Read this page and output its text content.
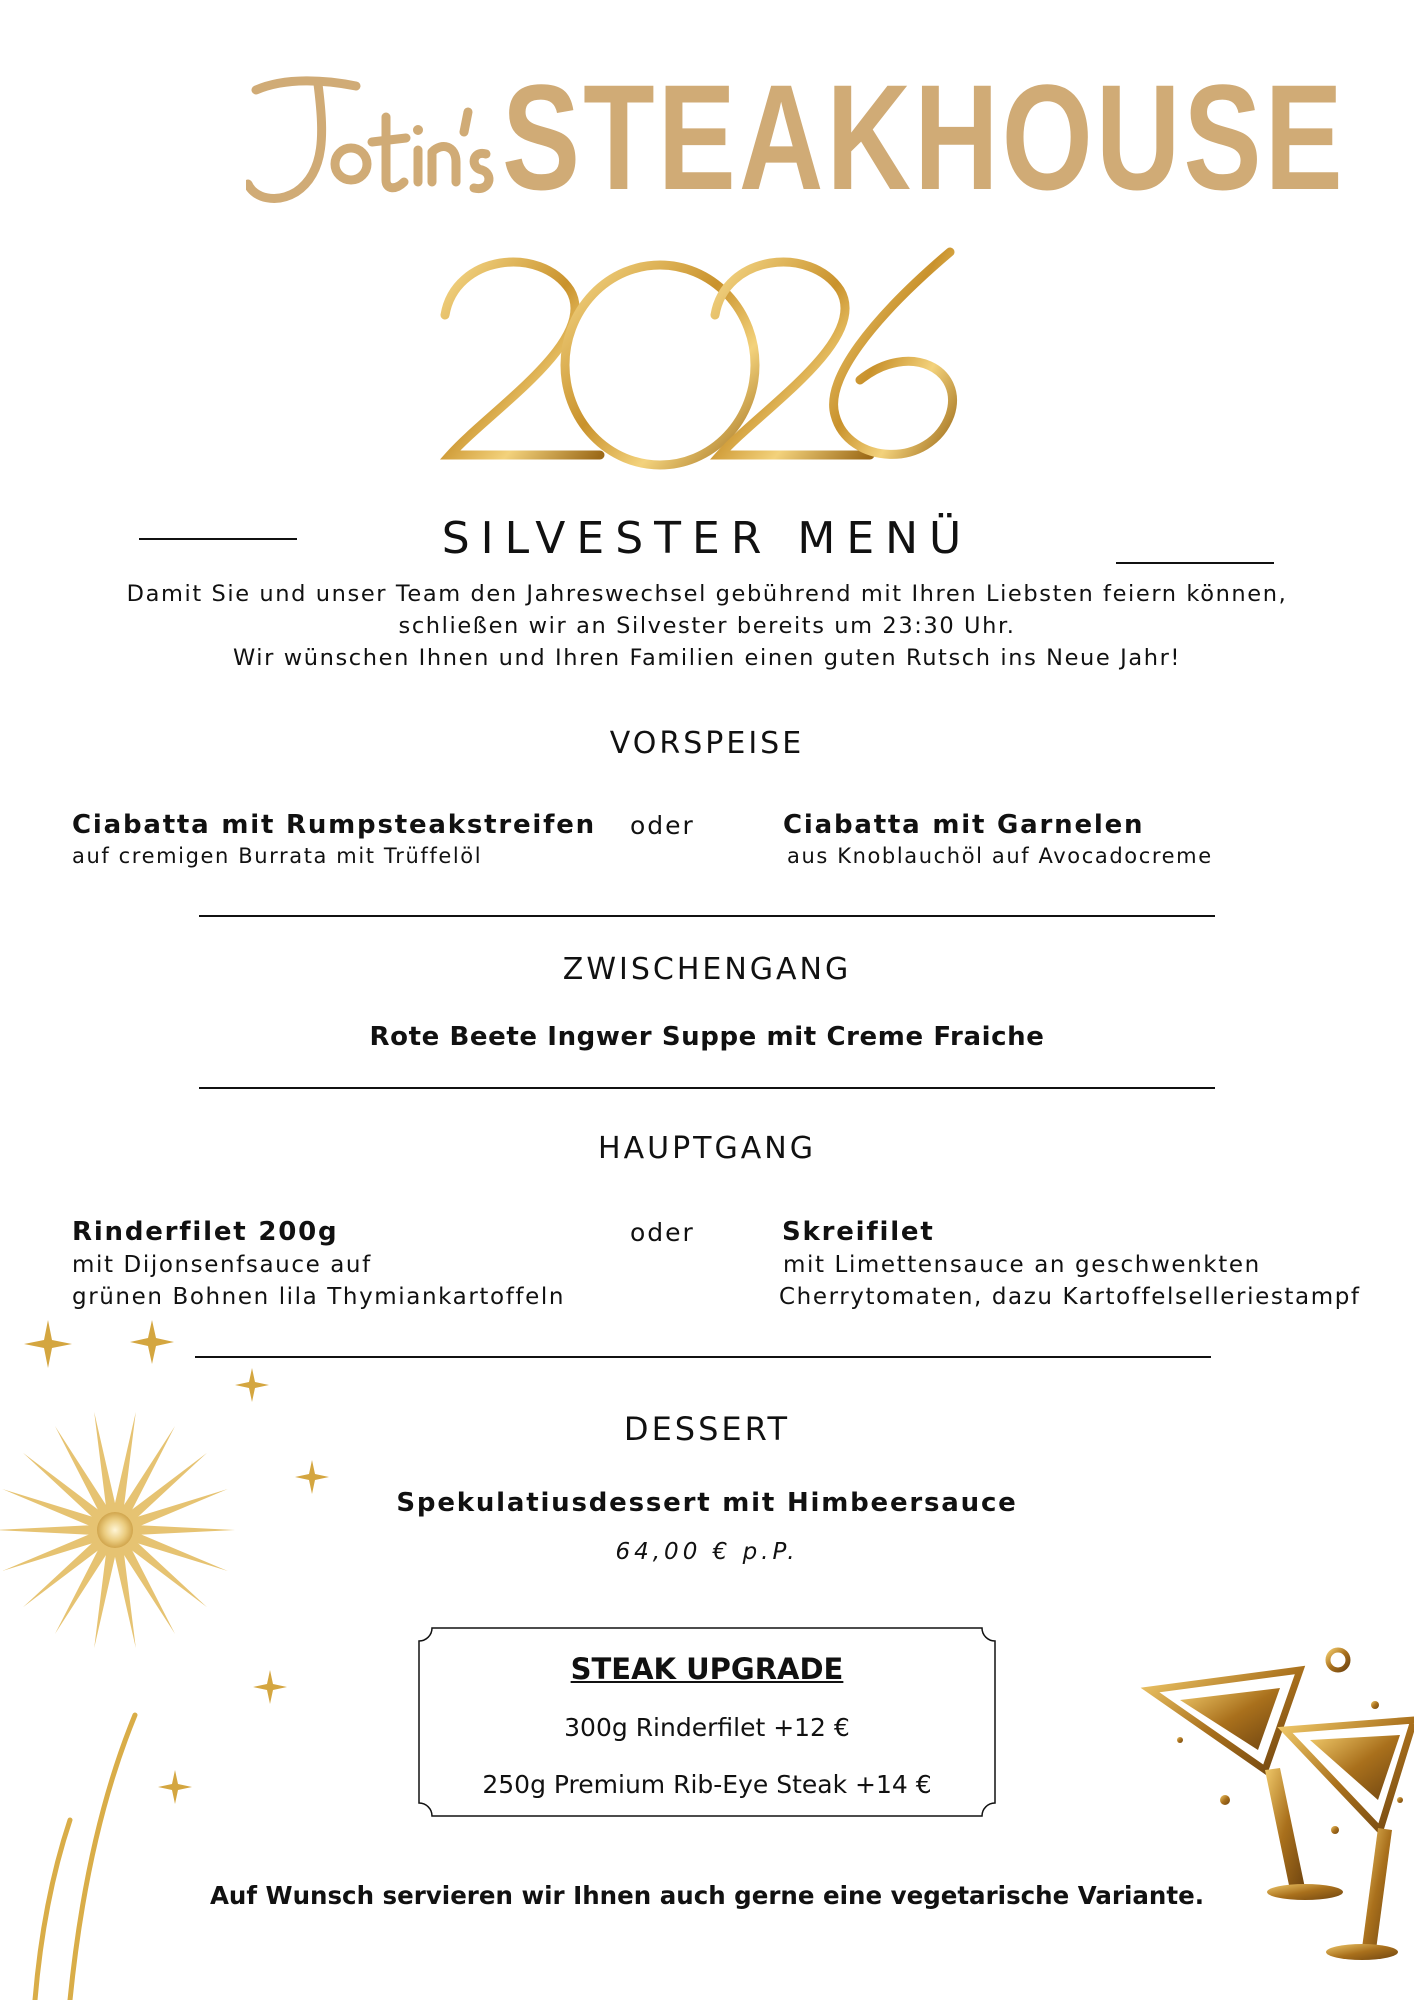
STEAKHOUSE
SILVESTER MENÜ
Damit Sie und unser Team den Jahreswechsel gebührend mit Ihren Liebsten feiern können,
schließen wir an Silvester bereits um 23:30 Uhr.
Wir wünschen Ihnen und Ihren Familien einen guten Rutsch ins Neue Jahr!
VORSPEISE
Ciabatta mit Rumpsteakstreifen
auf cremigen Burrata mit Trüffelöl
oder	Ciabatta mit Garnelen
aus Knoblauchöl auf Avocadocreme
ZWISCHENGANG
Rote Beete Ingwer Suppe mit Creme Fraiche
HAUPTGANG
Rinderfilet 200g
mit Dijonsenfsauce auf
grünen Bohnen lila Thymiankartoffeln
oder	Skreifilet
mit Limettensauce an geschwenkten
Cherrytomaten, dazu Kartoffelselleriestampf
DESSERT
Spekulatiusdessert mit Himbeersauce
64,00 € p.P.
STEAK UPGRADE
300g Rinderfilet +12 €
250g Premium Rib-Eye Steak +14 €
Auf Wunsch servieren wir Ihnen auch gerne eine vegetarische Variante.
